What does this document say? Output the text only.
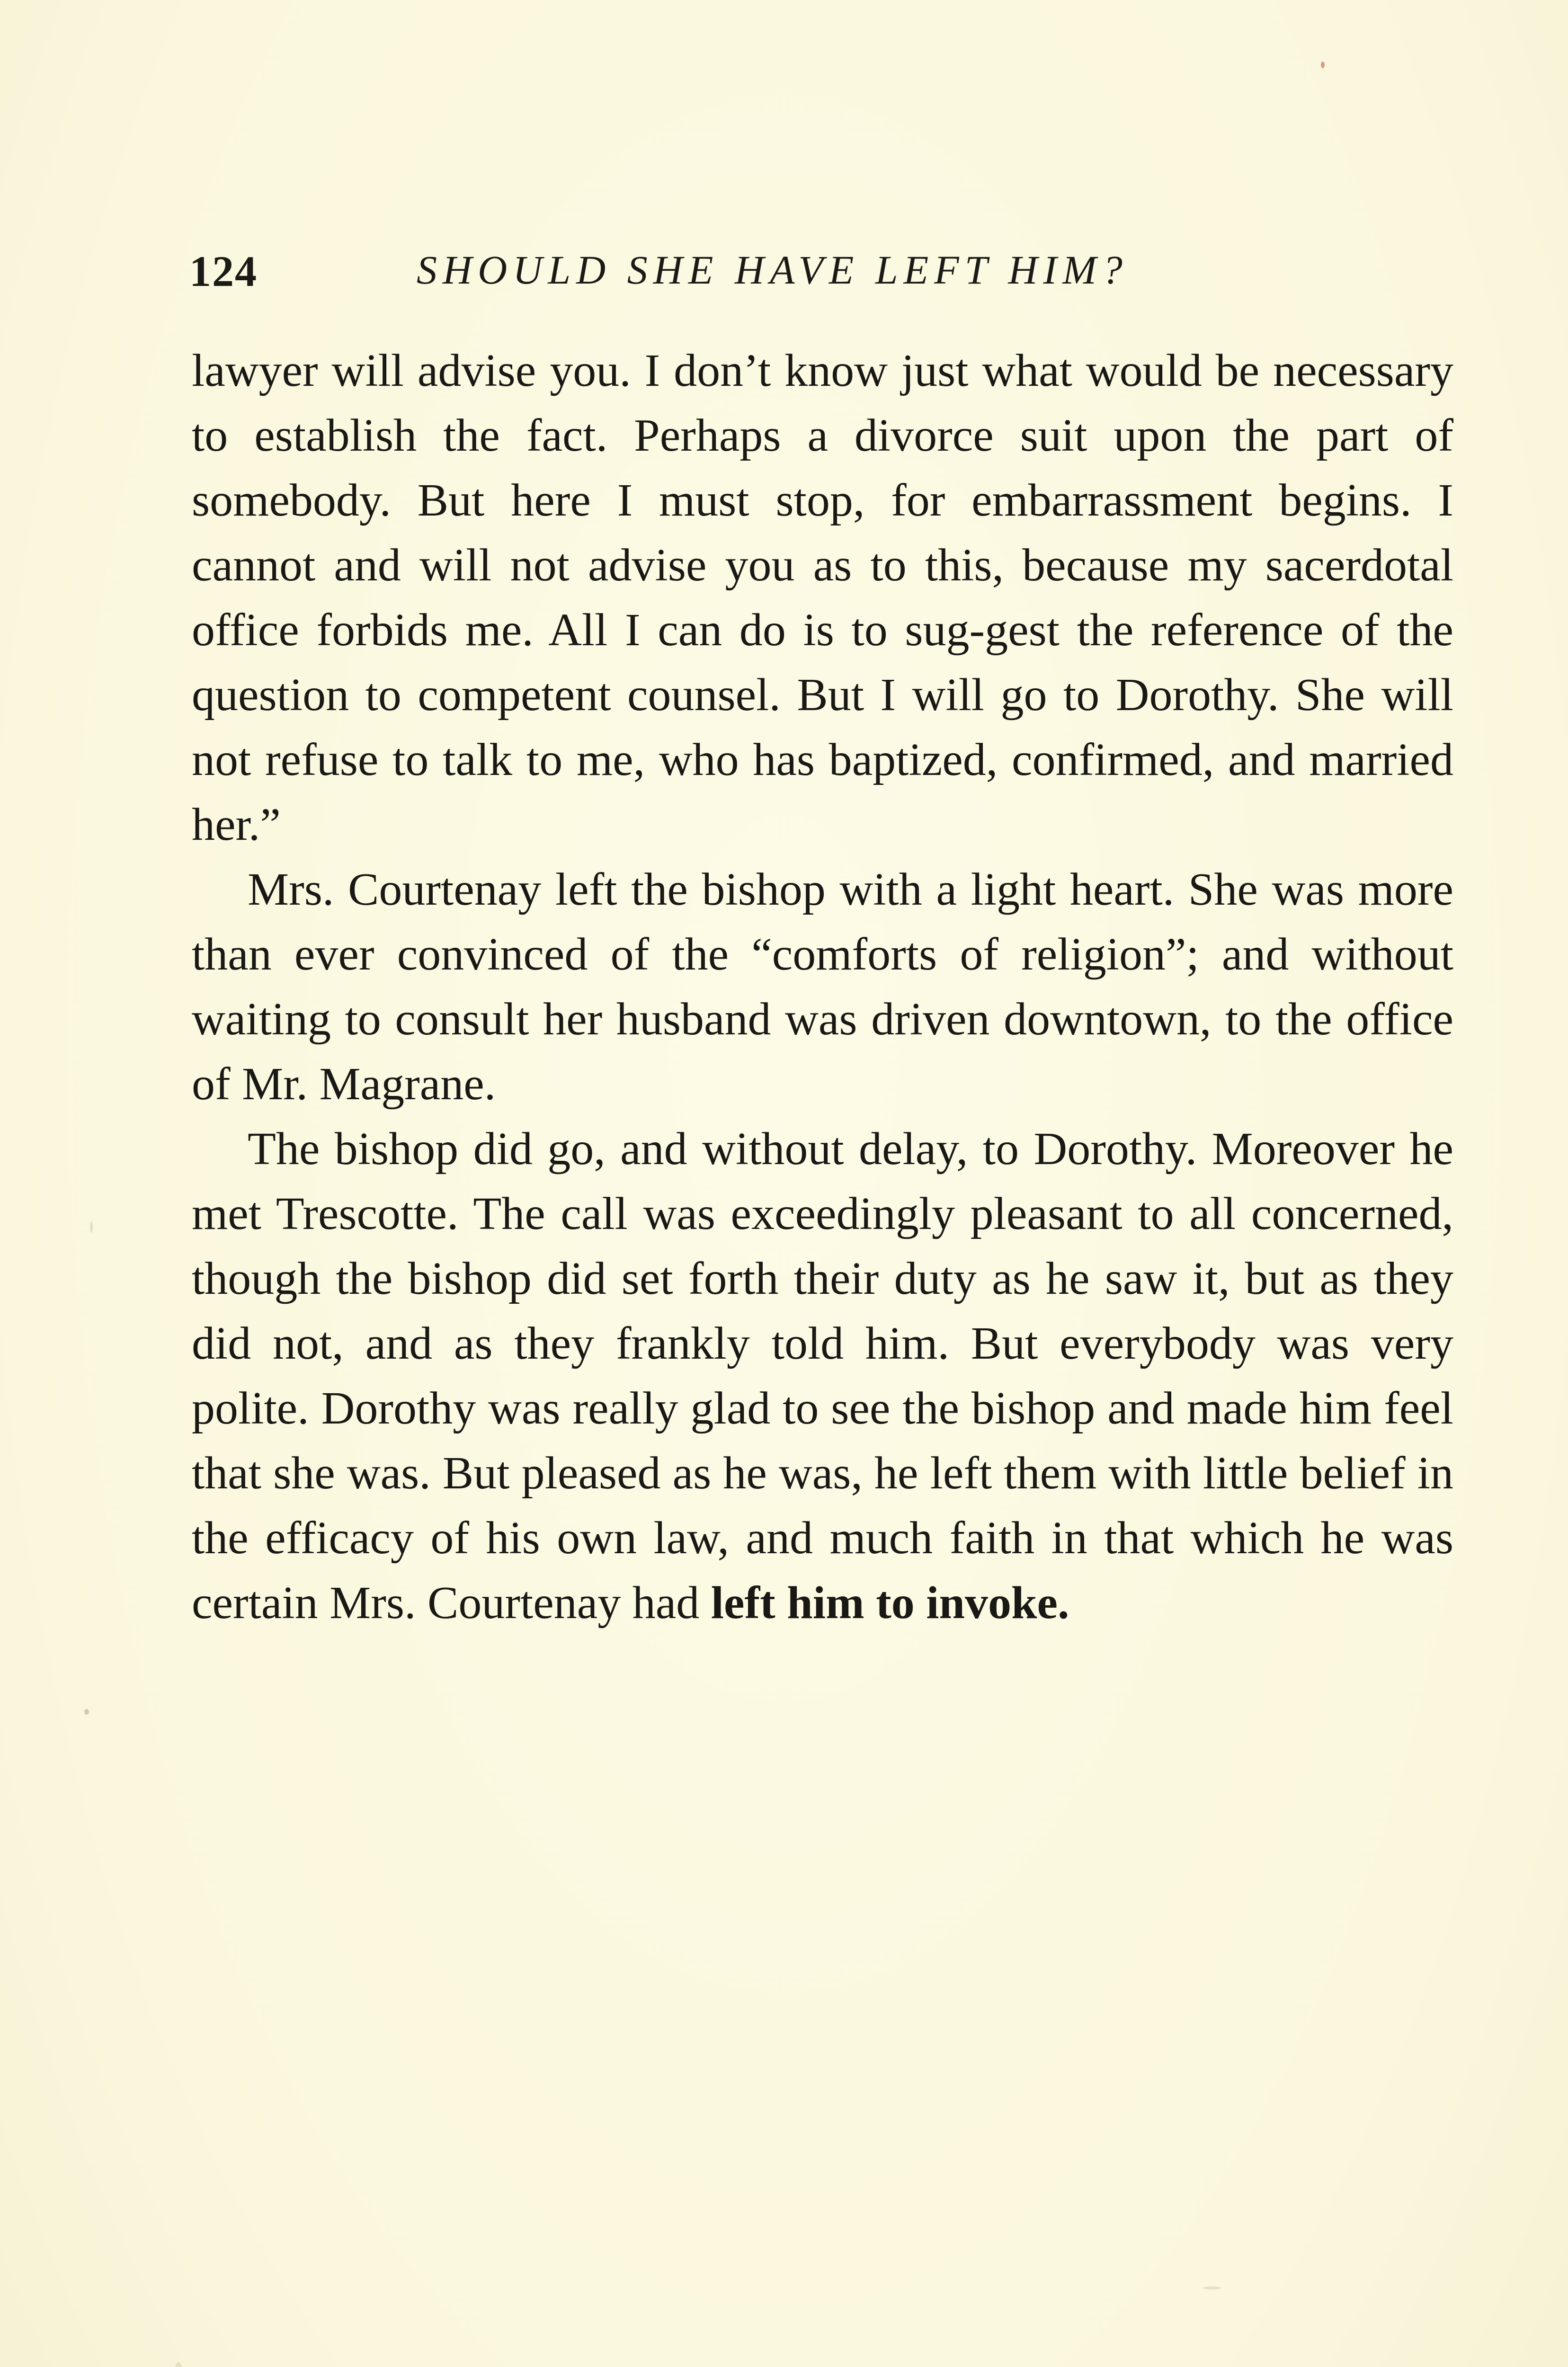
124	SHOULD SHE HAVE LEFT HIM?

lawyer will advise you. I don’t know just what would be necessary to establish the fact. Perhaps a divorce suit upon the part of somebody. But here I must stop, for embarrassment begins. I cannot and will not advise you as to this, because my sacerdotal office forbids me. All I can do is to sug-gest the reference of the question to competent counsel. But I will go to Dorothy. She will not refuse to talk to me, who has baptized, confirmed, and married her.”

Mrs. Courtenay left the bishop with a light heart. She was more than ever convinced of the “comforts of religion”; and without waiting to consult her husband was driven downtown, to the office of Mr. Magrane.

The bishop did go, and without delay, to Dorothy. Moreover he met Trescotte. The call was exceedingly pleasant to all concerned, though the bishop did set forth their duty as he saw it, but as they did not, and as they frankly told him. But everybody was very polite. Dorothy was really glad to see the bishop and made him feel that she was. But pleased as he was, he left them with little belief in the efficacy of his own law, and much faith in that which he was certain Mrs. Courtenay had left him to invoke.
